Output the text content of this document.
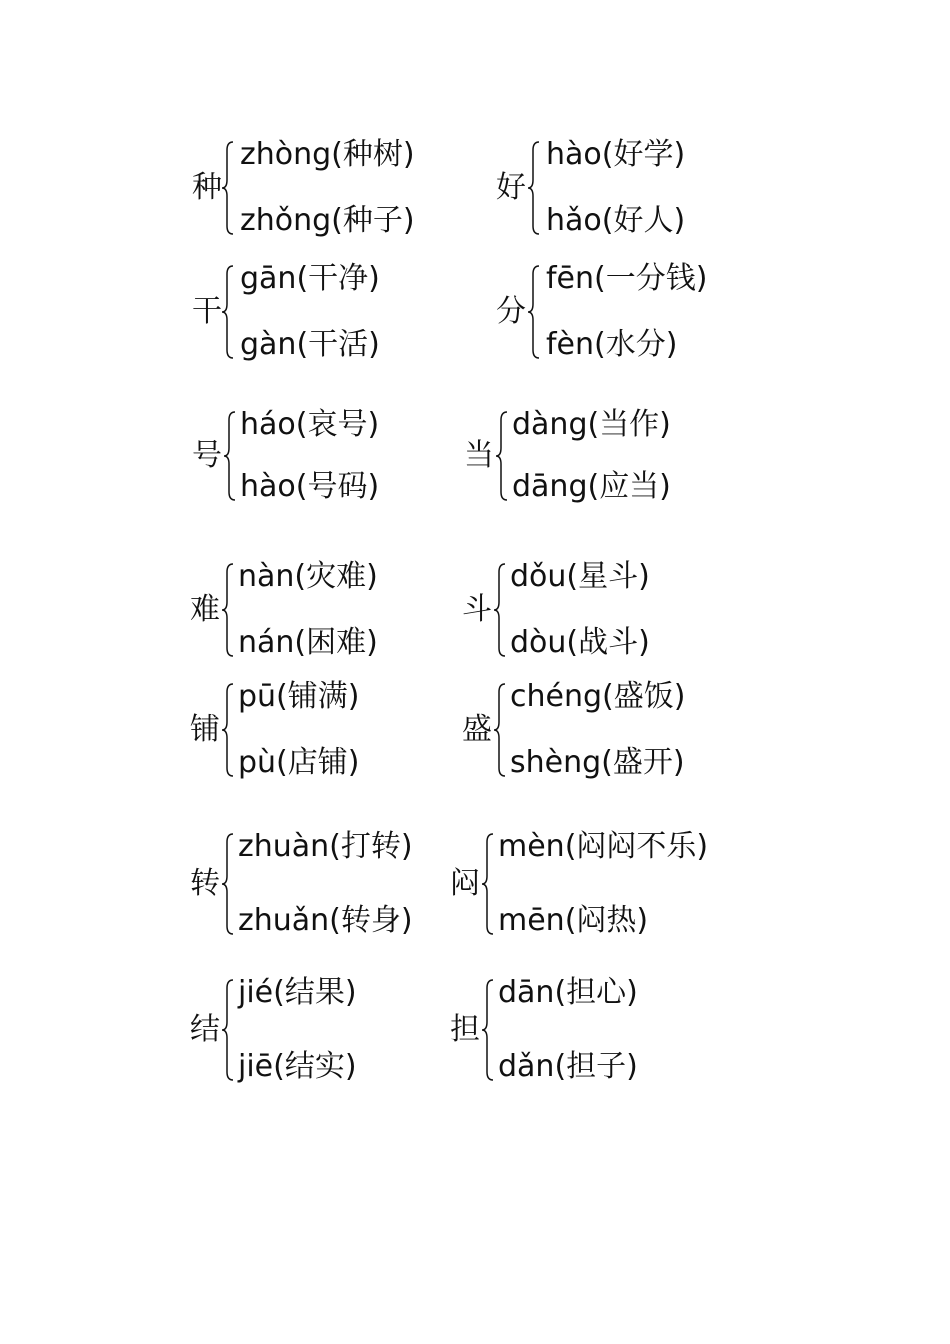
种
zhòng(种树)
zhǒng(种子)
好
hào(好学)
hǎo(好人)
干
gān(干净)
gàn(干活)
分
fēn(一分钱)
fèn(水分)
号
háo(哀号)
hào(号码)
当
dàng(当作)
dāng(应当)
难
nàn(灾难)
nán(困难)
斗
dǒu(星斗)
dòu(战斗)
铺
pū(铺满)
pù(店铺)
盛
chéng(盛饭)
shèng(盛开)
转
zhuàn(打转)
zhuǎn(转身)
闷
mèn(闷闷不乐)
mēn(闷热)
结
jié(结果)
jiē(结实)
担
dān(担心)
dǎn(担子)
